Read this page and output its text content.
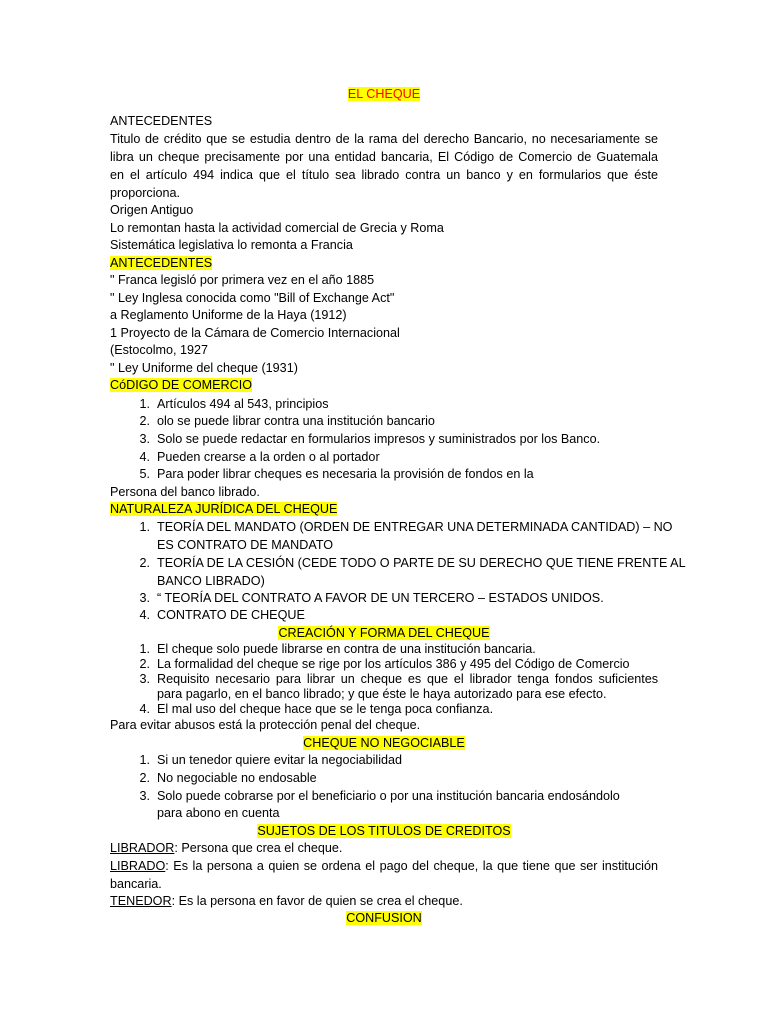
EL CHEQUE
ANTECEDENTES
Titulo de crédito que se estudia dentro de la rama del derecho Bancario, no necesariamente se
libra un cheque precisamente por una entidad bancaria, El Código de Comercio de Guatemala
en el artículo 494 indica que el título sea librado contra un banco y en formularios que éste
proporciona.
Origen Antiguo
Lo remontan hasta la actividad comercial de Grecia y Roma
Sistemática legislativa lo remonta a Francia
ANTECEDENTES
" Franca legisló por primera vez en el año 1885
" Ley Inglesa conocida como "Bill of Exchange Act"
a Reglamento Uniforme de la Haya (1912)
1 Proyecto de la Cámara de Comercio Internacional
(Estocolmo, 1927
" Ley Uniforme del cheque (1931)
CóDIGO DE COMERCIO
1. Artículos 494 al 543, principios
2. olo se puede librar contra una institución bancario
3. Solo se puede redactar en formularios impresos y suministrados por los Banco.
4. Pueden crearse a la orden o al portador
5. Para poder librar cheques es necesaria la provisión de fondos en la
Persona del banco librado.
NATURALEZA JURÍDICA DEL CHEQUE
1. TEORÍA DEL MANDATO (ORDEN DE ENTREGAR UNA DETERMINADA CANTIDAD) – NO
ES CONTRATO DE MANDATO
2. TEORÍA DE LA CESIÓN (CEDE TODO O PARTE DE SU DERECHO QUE TIENE FRENTE AL
BANCO LIBRADO)
3. “ TEORÍA DEL CONTRATO A FAVOR DE UN TERCERO – ESTADOS UNIDOS.
4. CONTRATO DE CHEQUE
CREACIÓN Y FORMA DEL CHEQUE
1. El cheque solo puede librarse en contra de una institución bancaria.
2. La formalidad del cheque se rige por los artículos 386 y 495 del Código de Comercio
3. Requisito necesario para librar un cheque es que el librador tenga fondos suficientes
para pagarlo, en el banco librado; y que éste le haya autorizado para ese efecto.
4. El mal uso del cheque hace que se le tenga poca confianza.
Para evitar abusos está la protección penal del cheque.
CHEQUE NO NEGOCIABLE
1. Si un tenedor quiere evitar la negociabilidad
2. No negociable no endosable
3. Solo puede cobrarse por el beneficiario o por una institución bancaria endosándolo
para abono en cuenta
SUJETOS DE LOS TITULOS DE CREDITOS
LIBRADOR: Persona que crea el cheque.
LIBRADO: Es la persona a quien se ordena el pago del cheque, la que tiene que ser institución
bancaria.
TENEDOR: Es la persona en favor de quien se crea el cheque.
CONFUSION
